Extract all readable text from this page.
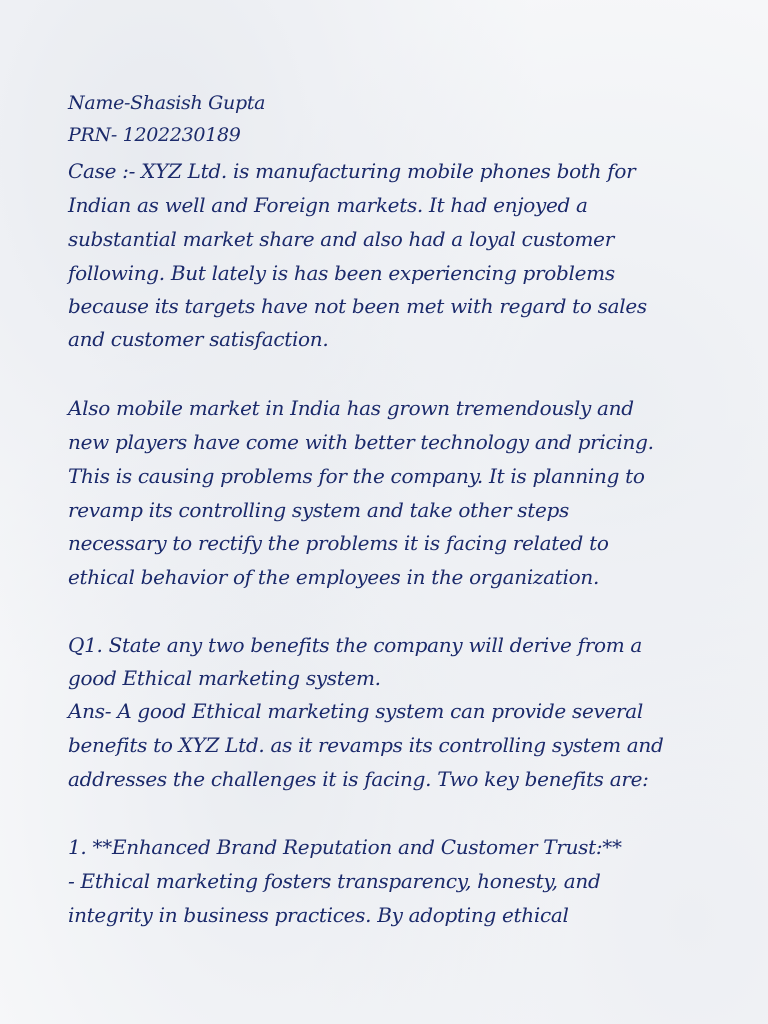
Name-Shasish Gupta
PRN- 1202230189
Case :- XYZ Ltd. is manufacturing mobile phones both for
Indian as well and Foreign markets. It had enjoyed a
substantial market share and also had a loyal customer
following. But lately is has been experiencing problems
because its targets have not been met with regard to sales
and customer satisfaction.
Also mobile market in India has grown tremendously and
new players have come with better technology and pricing.
This is causing problems for the company. It is planning to
revamp its controlling system and take other steps
necessary to rectify the problems it is facing related to
ethical behavior of the employees in the organization.
Q1. State any two benefits the company will derive from a
good Ethical marketing system.
Ans- A good Ethical marketing system can provide several
benefits to XYZ Ltd. as it revamps its controlling system and
addresses the challenges it is facing. Two key benefits are:
1. **Enhanced Brand Reputation and Customer Trust:**
- Ethical marketing fosters transparency, honesty, and
integrity in business practices. By adopting ethical
